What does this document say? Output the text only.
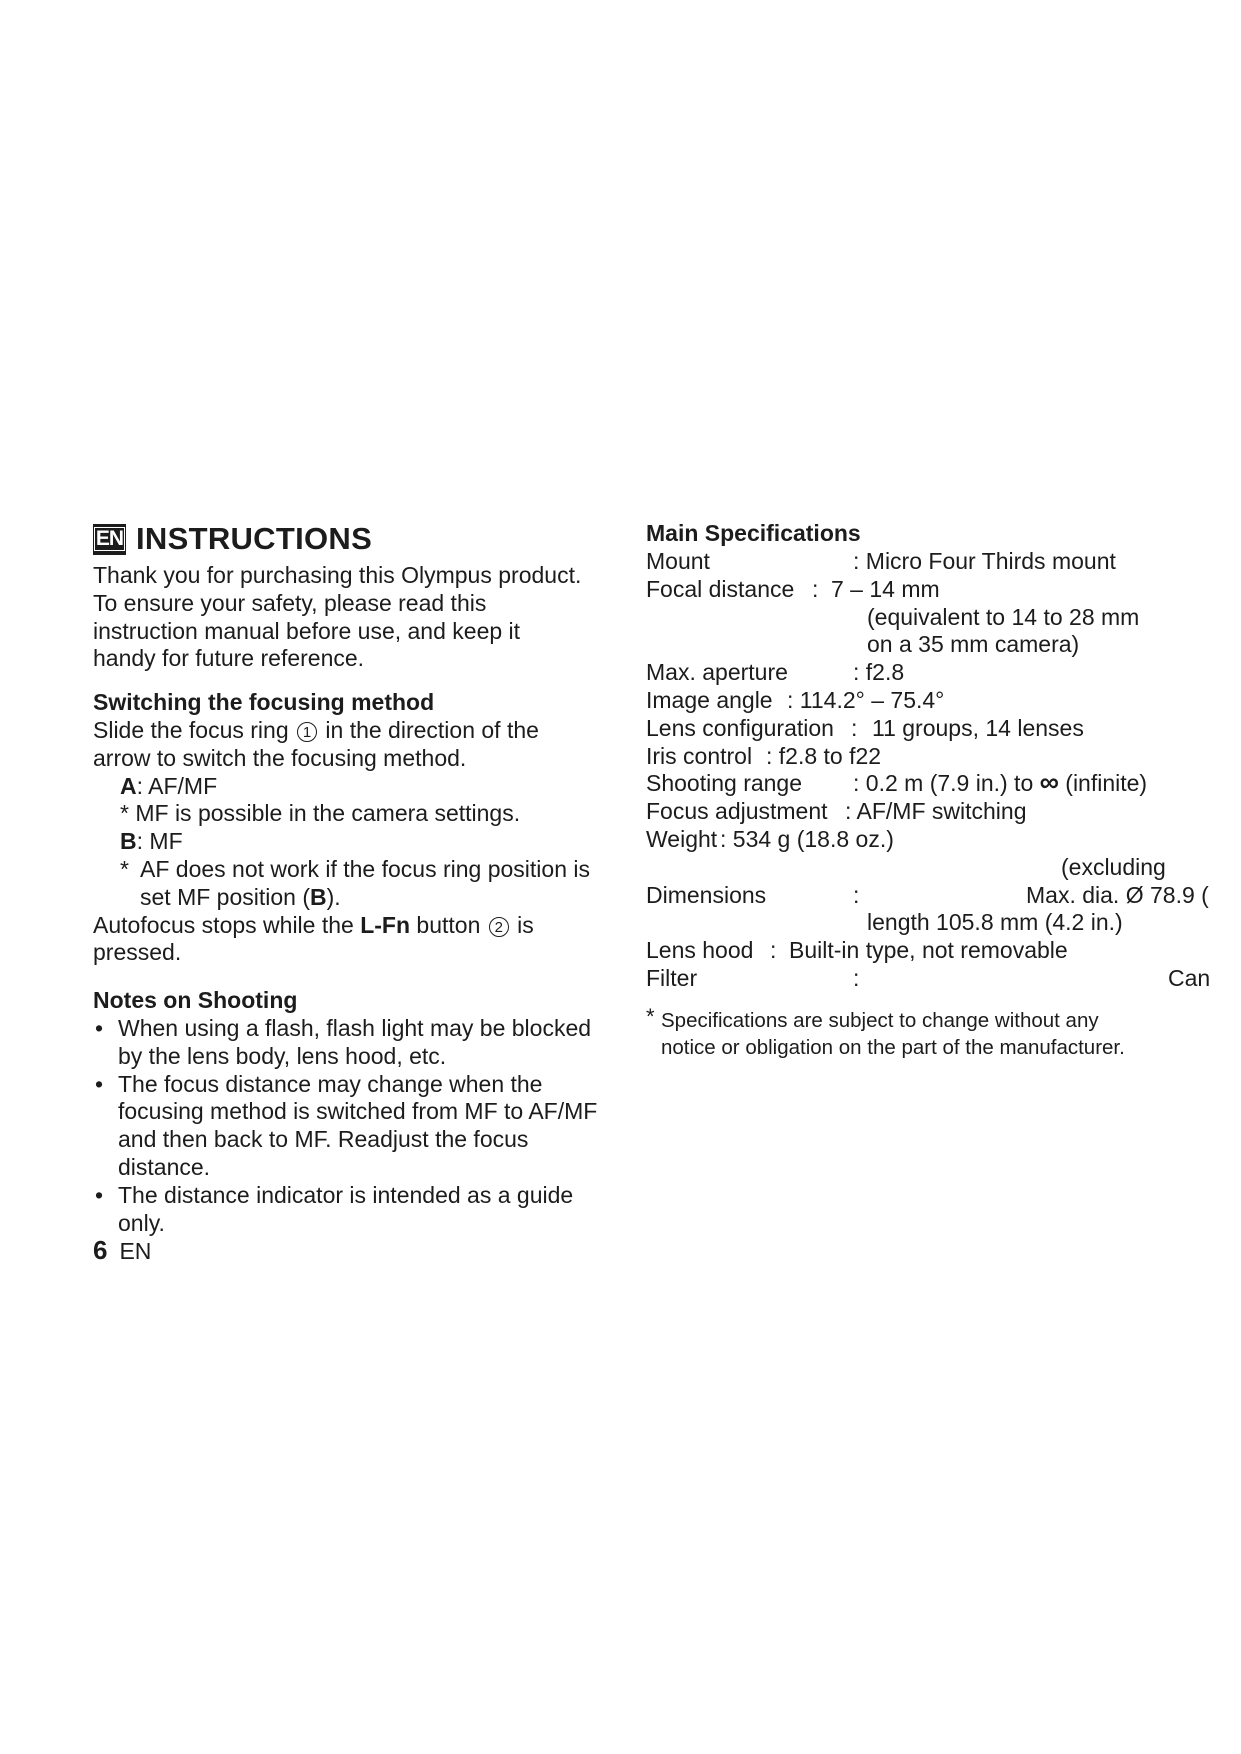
EN INSTRUCTIONS

Thank you for purchasing this Olympus product.

To ensure your safety, please read this

instruction manual before use, and keep it

handy for future reference.

Switching the focusing method

Slide the focus ring 1 in the direction of the

arrow to switch the focusing method.

A: AF/MF

* MF is possible in the camera settings.

B: MF

* AF does not work if the focus ring position is

set MF position (B).

Autofocus stops while the L-Fn button 2 is

pressed.

Notes on Shooting

• When using a flash, flash light may be blocked

by the lens body, lens hood, etc.

• The focus distance may change when the

focusing method is switched from MF to AF/MF

and then back to MF. Readjust the focus

distance.

• The distance indicator is intended as a guide

only.

6 EN

Main Specifications

Mount	: Micro Four Thirds mount
Focal distance : 7 – 14 mm
(equivalent to 14 to 28 mm
on a 35 mm camera)
Max. aperture	: f2.8
Image angle : 114.2° – 75.4°
Lens configuration : 11 groups, 14 lenses
Iris control : f2.8 to f22
Shooting range : 0.2 m (7.9 in.) to ∞ (infinite)
Focus adjustment : AF/MF switching
Weight : 534 g (18.8 oz.)
(excluding
Dimensions	:	Max. dia. Ø 78.9 (
length 105.8 mm (4.2 in.)
Lens hood : Built-in type, not removable
Filter	:	Can
* Specifications are subject to change without any
notice or obligation on the part of the manufacturer.
